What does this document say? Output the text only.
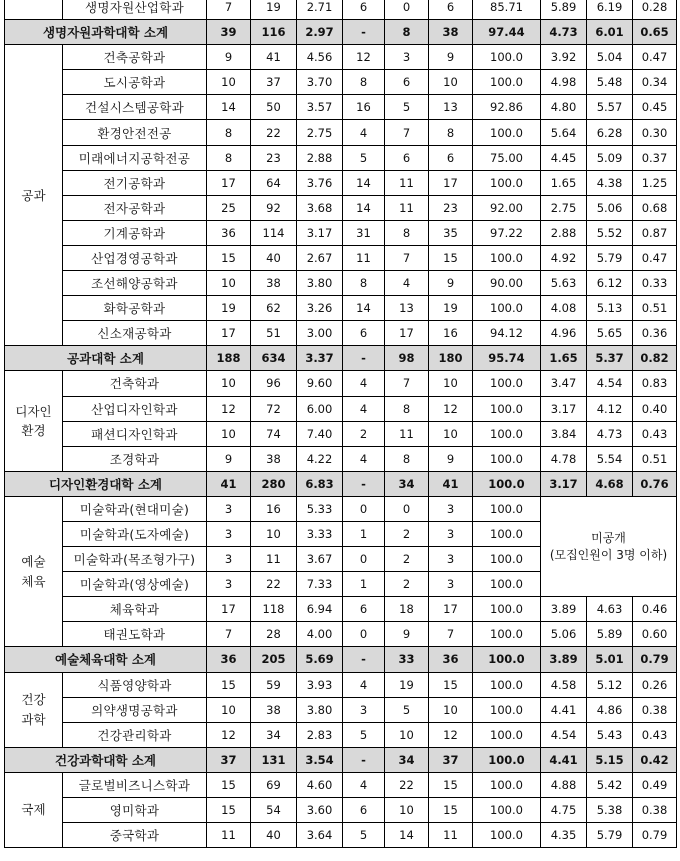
	생명자원산업학과	7	19	2.71	6	0	6	85.71	5.89	6.19	0.28
생명자원과학대학 소계		39	116	2.97	-	8	38	97.44	4.73	6.01	0.65
공과	건축공학과	9	41	4.56	12	3	9	100.0	3.92	5.04	0.47
	도시공학과	10	37	3.70	8	6	10	100.0	4.98	5.48	0.34
	건설시스템공학과	14	50	3.57	16	5	13	92.86	4.80	5.57	0.45
	환경안전전공	8	22	2.75	4	7	8	100.0	5.64	6.28	0.30
	미래에너지공학전공	8	23	2.88	5	6	6	75.00	4.45	5.09	0.37
	전기공학과	17	64	3.76	14	11	17	100.0	1.65	4.38	1.25
	전자공학과	25	92	3.68	14	11	23	92.00	2.75	5.06	0.68
	기계공학과	36	114	3.17	31	8	35	97.22	2.88	5.52	0.87
	산업경영공학과	15	40	2.67	11	7	15	100.0	4.92	5.79	0.47
	조선해양공학과	10	38	3.80	8	4	9	90.00	5.63	6.12	0.33
	화학공학과	19	62	3.26	14	13	19	100.0	4.08	5.13	0.51
	신소재공학과	17	51	3.00	6	17	16	94.12	4.96	5.65	0.36
공과대학 소계		188	634	3.37	-	98	180	95.74	1.65	5.37	0.82
디자인
환경	건축학과	10	96	9.60	4	7	10	100.0	3.47	4.54	0.83
	산업디자인학과	12	72	6.00	4	8	12	100.0	3.17	4.12	0.40
	패션디자인학과	10	74	7.40	2	11	10	100.0	3.84	4.73	0.43
	조경학과	9	38	4.22	4	8	9	100.0	4.78	5.54	0.51
디자인환경대학 소계		41	280	6.83	-	34	41	100.0	3.17	4.68	0.76
예술
체육	미술학과(현대미술)	3	16	5.33	0	0	3	100.0	미공개
(모집인원이 3명 이하)		
	미술학과(도자예술)	3	10	3.33	1	2	3	100.0			
	미술학과(목조형가구)	3	11	3.67	0	2	3	100.0			
	미술학과(영상예술)	3	22	7.33	1	2	3	100.0			
	체육학과	17	118	6.94	6	18	17	100.0	3.89	4.63	0.46
	태권도학과	7	28	4.00	0	9	7	100.0	5.06	5.89	0.60
예술체육대학 소계		36	205	5.69	-	33	36	100.0	3.89	5.01	0.79
건강
과학	식품영양학과	15	59	3.93	4	19	15	100.0	4.58	5.12	0.26
	의약생명공학과	10	38	3.80	3	5	10	100.0	4.41	4.86	0.38
	건강관리학과	12	34	2.83	5	10	12	100.0	4.54	5.43	0.43
건강과학대학 소계		37	131	3.54	-	34	37	100.0	4.41	5.15	0.42
국제	글로벌비즈니스학과	15	69	4.60	4	22	15	100.0	4.88	5.42	0.49
	영미학과	15	54	3.60	6	10	15	100.0	4.75	5.38	0.38
	중국학과	11	40	3.64	5	14	11	100.0	4.35	5.79	0.79
